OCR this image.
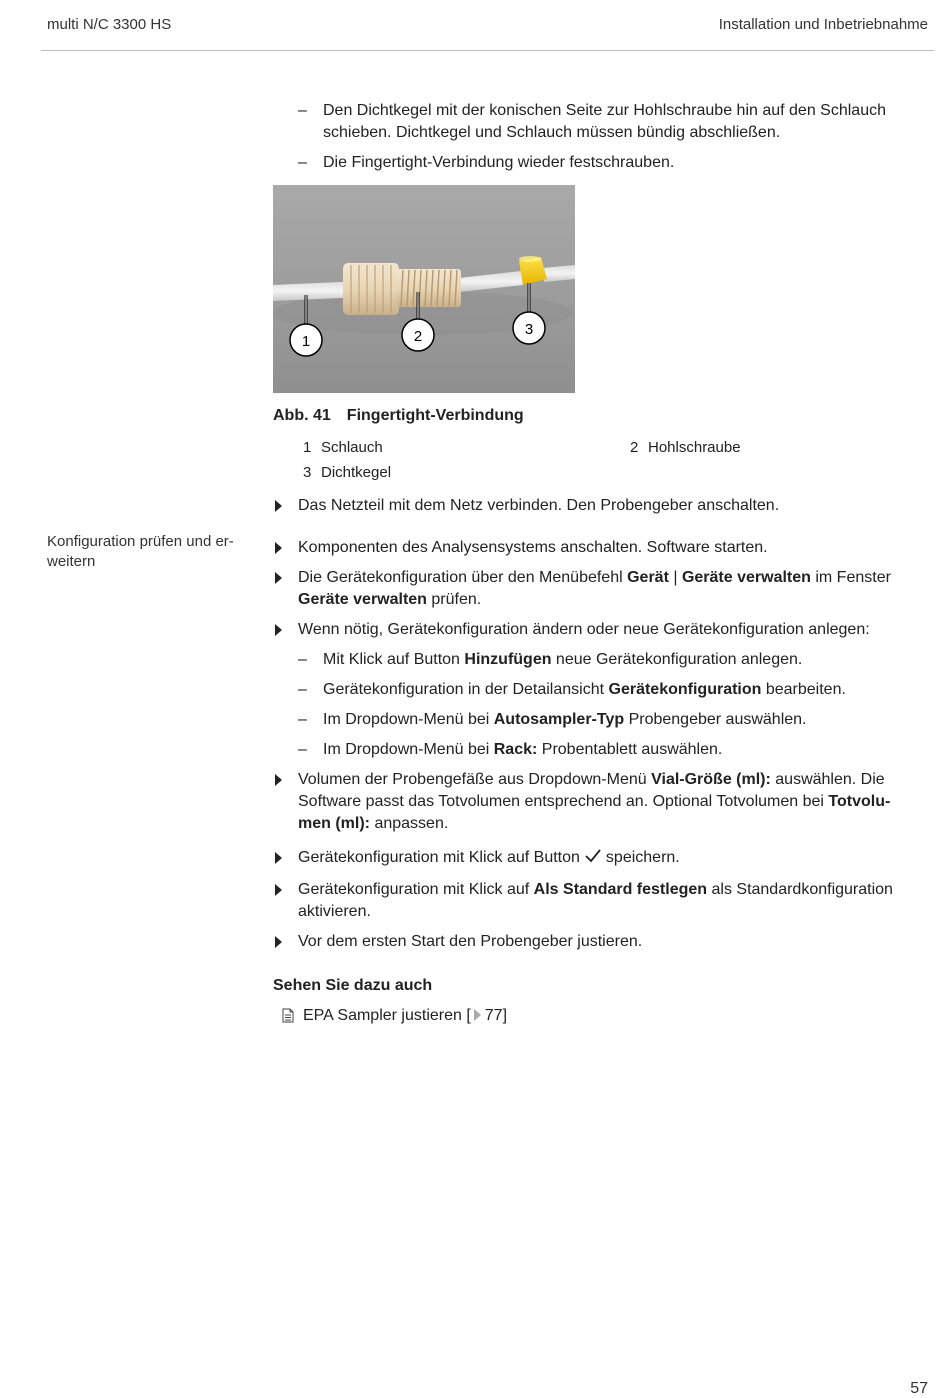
multi N/C 3300 HS	Installation und Inbetriebnahme
Konfiguration prüfen und er-
weitern
– Den Dichtkegel mit der konischen Seite zur Hohlschraube hin auf den Schlauch schieben. Dichtkegel und Schlauch müssen bündig abschließen.
– Die Fingertight-Verbindung wieder festschrauben.
1	2	3
Abb. 41 Fingertight-Verbindung
1 Schlauch	2 Hohlschraube
3 Dichtkegel
Das Netzteil mit dem Netz verbinden. Den Probengeber anschalten.
Komponenten des Analysensystems anschalten. Software starten.
Die Gerätekonfiguration über den Menübefehl Gerät | Geräte verwalten im Fenster Geräte verwalten prüfen.
Wenn nötig, Gerätekonfiguration ändern oder neue Gerätekonfiguration anlegen:
– Mit Klick auf Button Hinzufügen neue Gerätekonfiguration anlegen.
– Gerätekonfiguration in der Detailansicht Gerätekonfiguration bearbeiten.
– Im Dropdown-Menü bei Autosampler-Typ Probengeber auswählen.
– Im Dropdown-Menü bei Rack: Probentablett auswählen.
Volumen der Probengefäße aus Dropdown-Menü Vial-Größe (ml): auswählen. Die Software passt das Totvolumen entsprechend an. Optional Totvolumen bei Totvolu-
men (ml): anpassen.
Gerätekonfiguration mit Klick auf Button speichern.
Gerätekonfiguration mit Klick auf Als Standard festlegen als Standardkonfiguration aktivieren.
Vor dem ersten Start den Probengeber justieren.
Sehen Sie dazu auch
EPA Sampler justieren [ 77]
57
